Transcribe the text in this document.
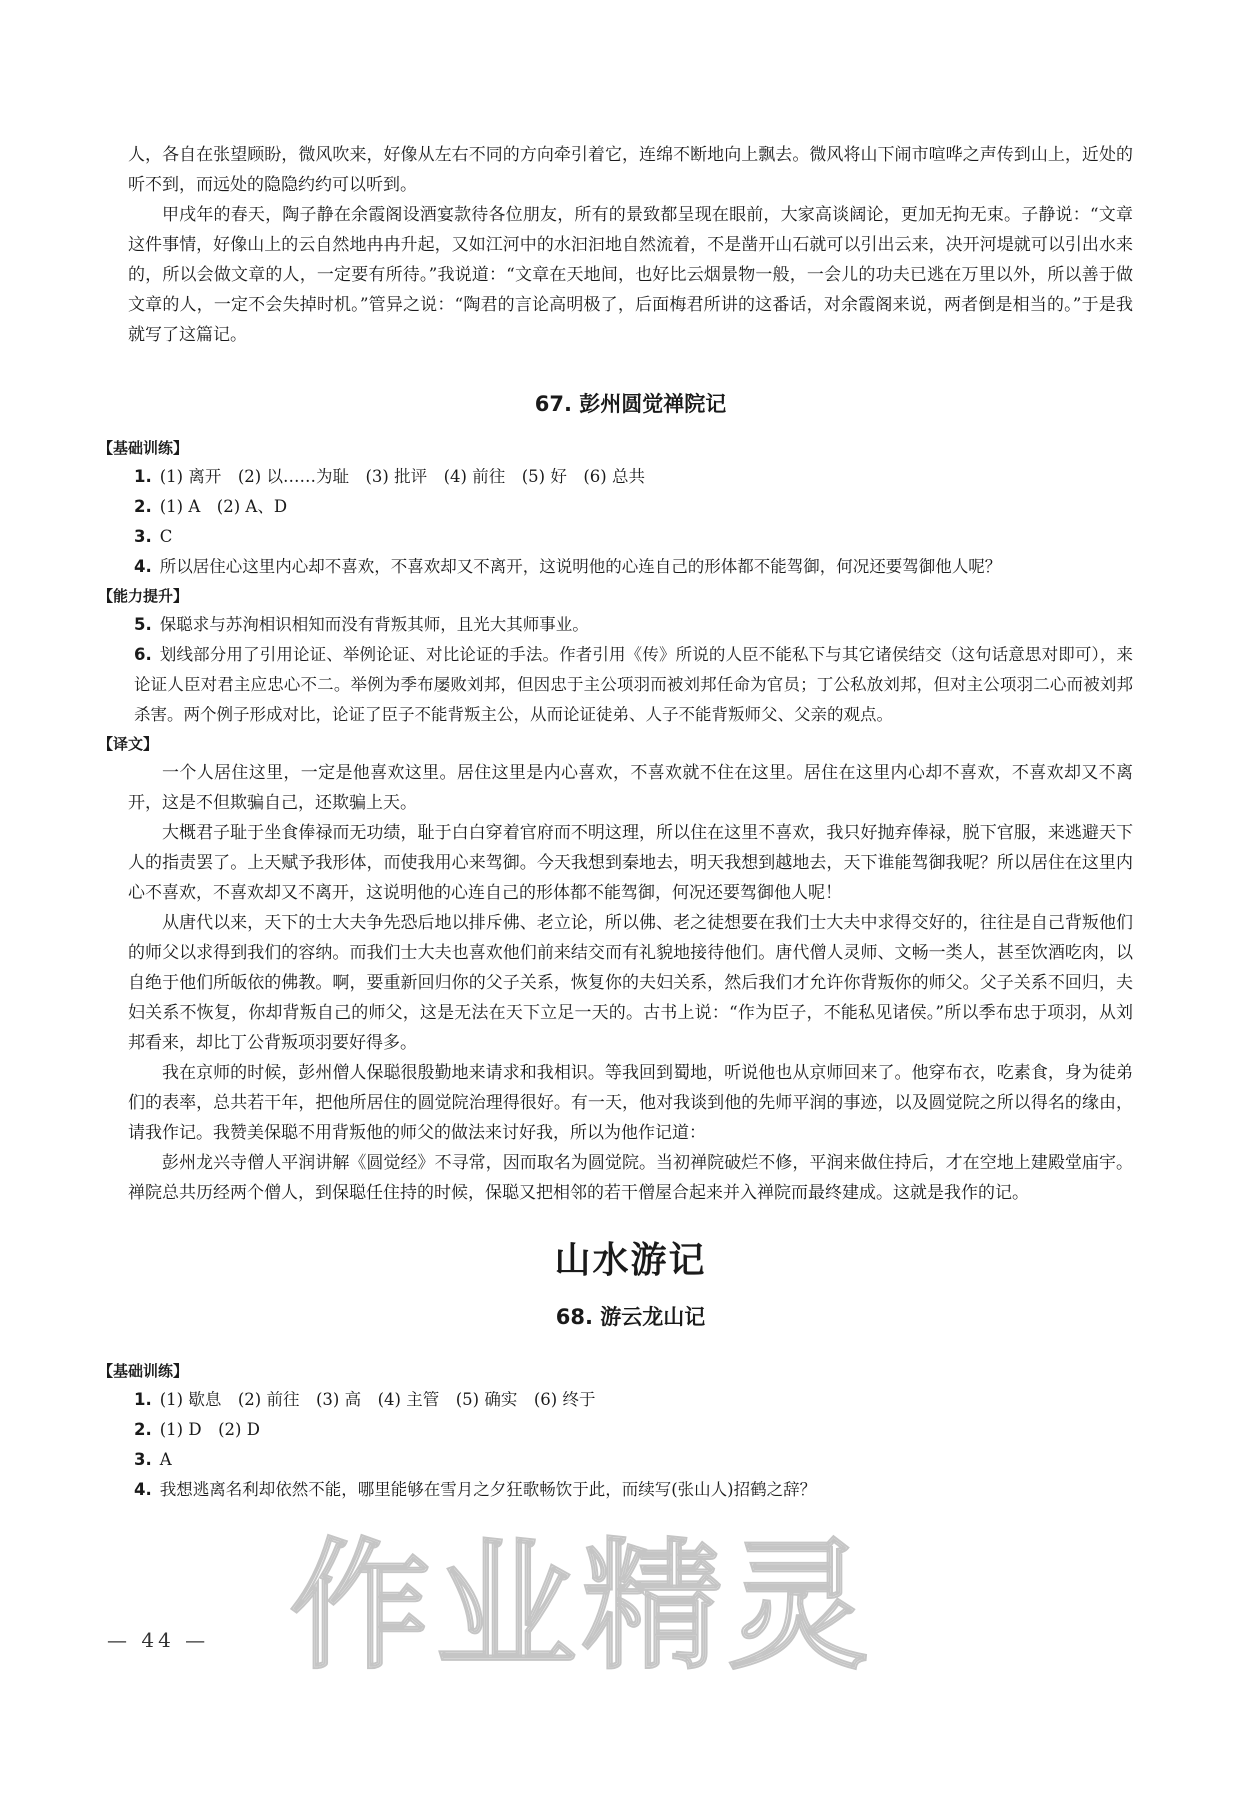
作业精灵

人，各自在张望顾盼，微风吹来，好像从左右不同的方向牵引着它，连绵不断地向上飘去。微风将山下闹市喧哗之声传到山上，近处的听不到，而远处的隐隐约约可以听到。

甲戌年的春天，陶子静在余霞阁设酒宴款待各位朋友，所有的景致都呈现在眼前，大家高谈阔论，更加无拘无束。子静说：“文章这件事情，好像山上的云自然地冉冉升起，又如江河中的水汩汩地自然流着，不是凿开山石就可以引出云来，决开河堤就可以引出水来的，所以会做文章的人，一定要有所待。”我说道：“文章在天地间，也好比云烟景物一般，一会儿的功夫已逃在万里以外，所以善于做文章的人，一定不会失掉时机。”管异之说：“陶君的言论高明极了，后面梅君所讲的这番话，对余霞阁来说，两者倒是相当的。”于是我就写了这篇记。

67. 彭州圆觉禅院记
【基础训练】

1. (1) 离开　(2) 以……为耻　(3) 批评　(4) 前往　(5) 好　(6) 总共

2. (1) A　(2) A、D

3. C

4. 所以居住心这里内心却不喜欢，不喜欢却又不离开，这说明他的心连自己的形体都不能驾御，何况还要驾御他人呢？

【能力提升】

5. 保聪求与苏洵相识相知而没有背叛其师，且光大其师事业。

6. 划线部分用了引用论证、举例论证、对比论证的手法。作者引用《传》所说的人臣不能私下与其它诸侯结交（这句话意思对即可），来论证人臣对君主应忠心不二。举例为季布屡败刘邦，但因忠于主公项羽而被刘邦任命为官员；丁公私放刘邦，但对主公项羽二心而被刘邦杀害。两个例子形成对比，论证了臣子不能背叛主公，从而论证徒弟、人子不能背叛师父、父亲的观点。

【译文】

一个人居住这里，一定是他喜欢这里。居住这里是内心喜欢，不喜欢就不住在这里。居住在这里内心却不喜欢，不喜欢却又不离开，这是不但欺骗自己，还欺骗上天。

大概君子耻于坐食俸禄而无功绩，耻于白白穿着官府而不明这理，所以住在这里不喜欢，我只好抛弃俸禄，脱下官服，来逃避天下人的指责罢了。上天赋予我形体，而使我用心来驾御。今天我想到秦地去，明天我想到越地去，天下谁能驾御我呢？所以居住在这里内心不喜欢，不喜欢却又不离开，这说明他的心连自己的形体都不能驾御，何况还要驾御他人呢！

从唐代以来，天下的士大夫争先恐后地以排斥佛、老立论，所以佛、老之徒想要在我们士大夫中求得交好的，往往是自己背叛他们的师父以求得到我们的容纳。而我们士大夫也喜欢他们前来结交而有礼貌地接待他们。唐代僧人灵师、文畅一类人，甚至饮酒吃肉，以自绝于他们所皈依的佛教。啊，要重新回归你的父子关系，恢复你的夫妇关系，然后我们才允许你背叛你的师父。父子关系不回归，夫妇关系不恢复，你却背叛自己的师父，这是无法在天下立足一天的。古书上说：“作为臣子，不能私见诸侯。”所以季布忠于项羽，从刘邦看来，却比丁公背叛项羽要好得多。

我在京师的时候，彭州僧人保聪很殷勤地来请求和我相识。等我回到蜀地，听说他也从京师回来了。他穿布衣，吃素食，身为徒弟们的表率，总共若干年，把他所居住的圆觉院治理得很好。有一天，他对我谈到他的先师平润的事迹，以及圆觉院之所以得名的缘由，请我作记。我赞美保聪不用背叛他的师父的做法来讨好我，所以为他作记道：

彭州龙兴寺僧人平润讲解《圆觉经》不寻常，因而取名为圆觉院。当初禅院破烂不修，平润来做住持后，才在空地上建殿堂庙宇。禅院总共历经两个僧人，到保聪任住持的时候，保聪又把相邻的若干僧屋合起来并入禅院而最终建成。这就是我作的记。

山水游记
68. 游云龙山记
【基础训练】

1. (1) 歇息　(2) 前往　(3) 高　(4) 主管　(5) 确实　(6) 终于

2. (1) D　(2) D

3. A

4. 我想逃离名利却依然不能，哪里能够在雪月之夕狂歌畅饮于此，而续写(张山人)招鹤之辞？

— 44 —
